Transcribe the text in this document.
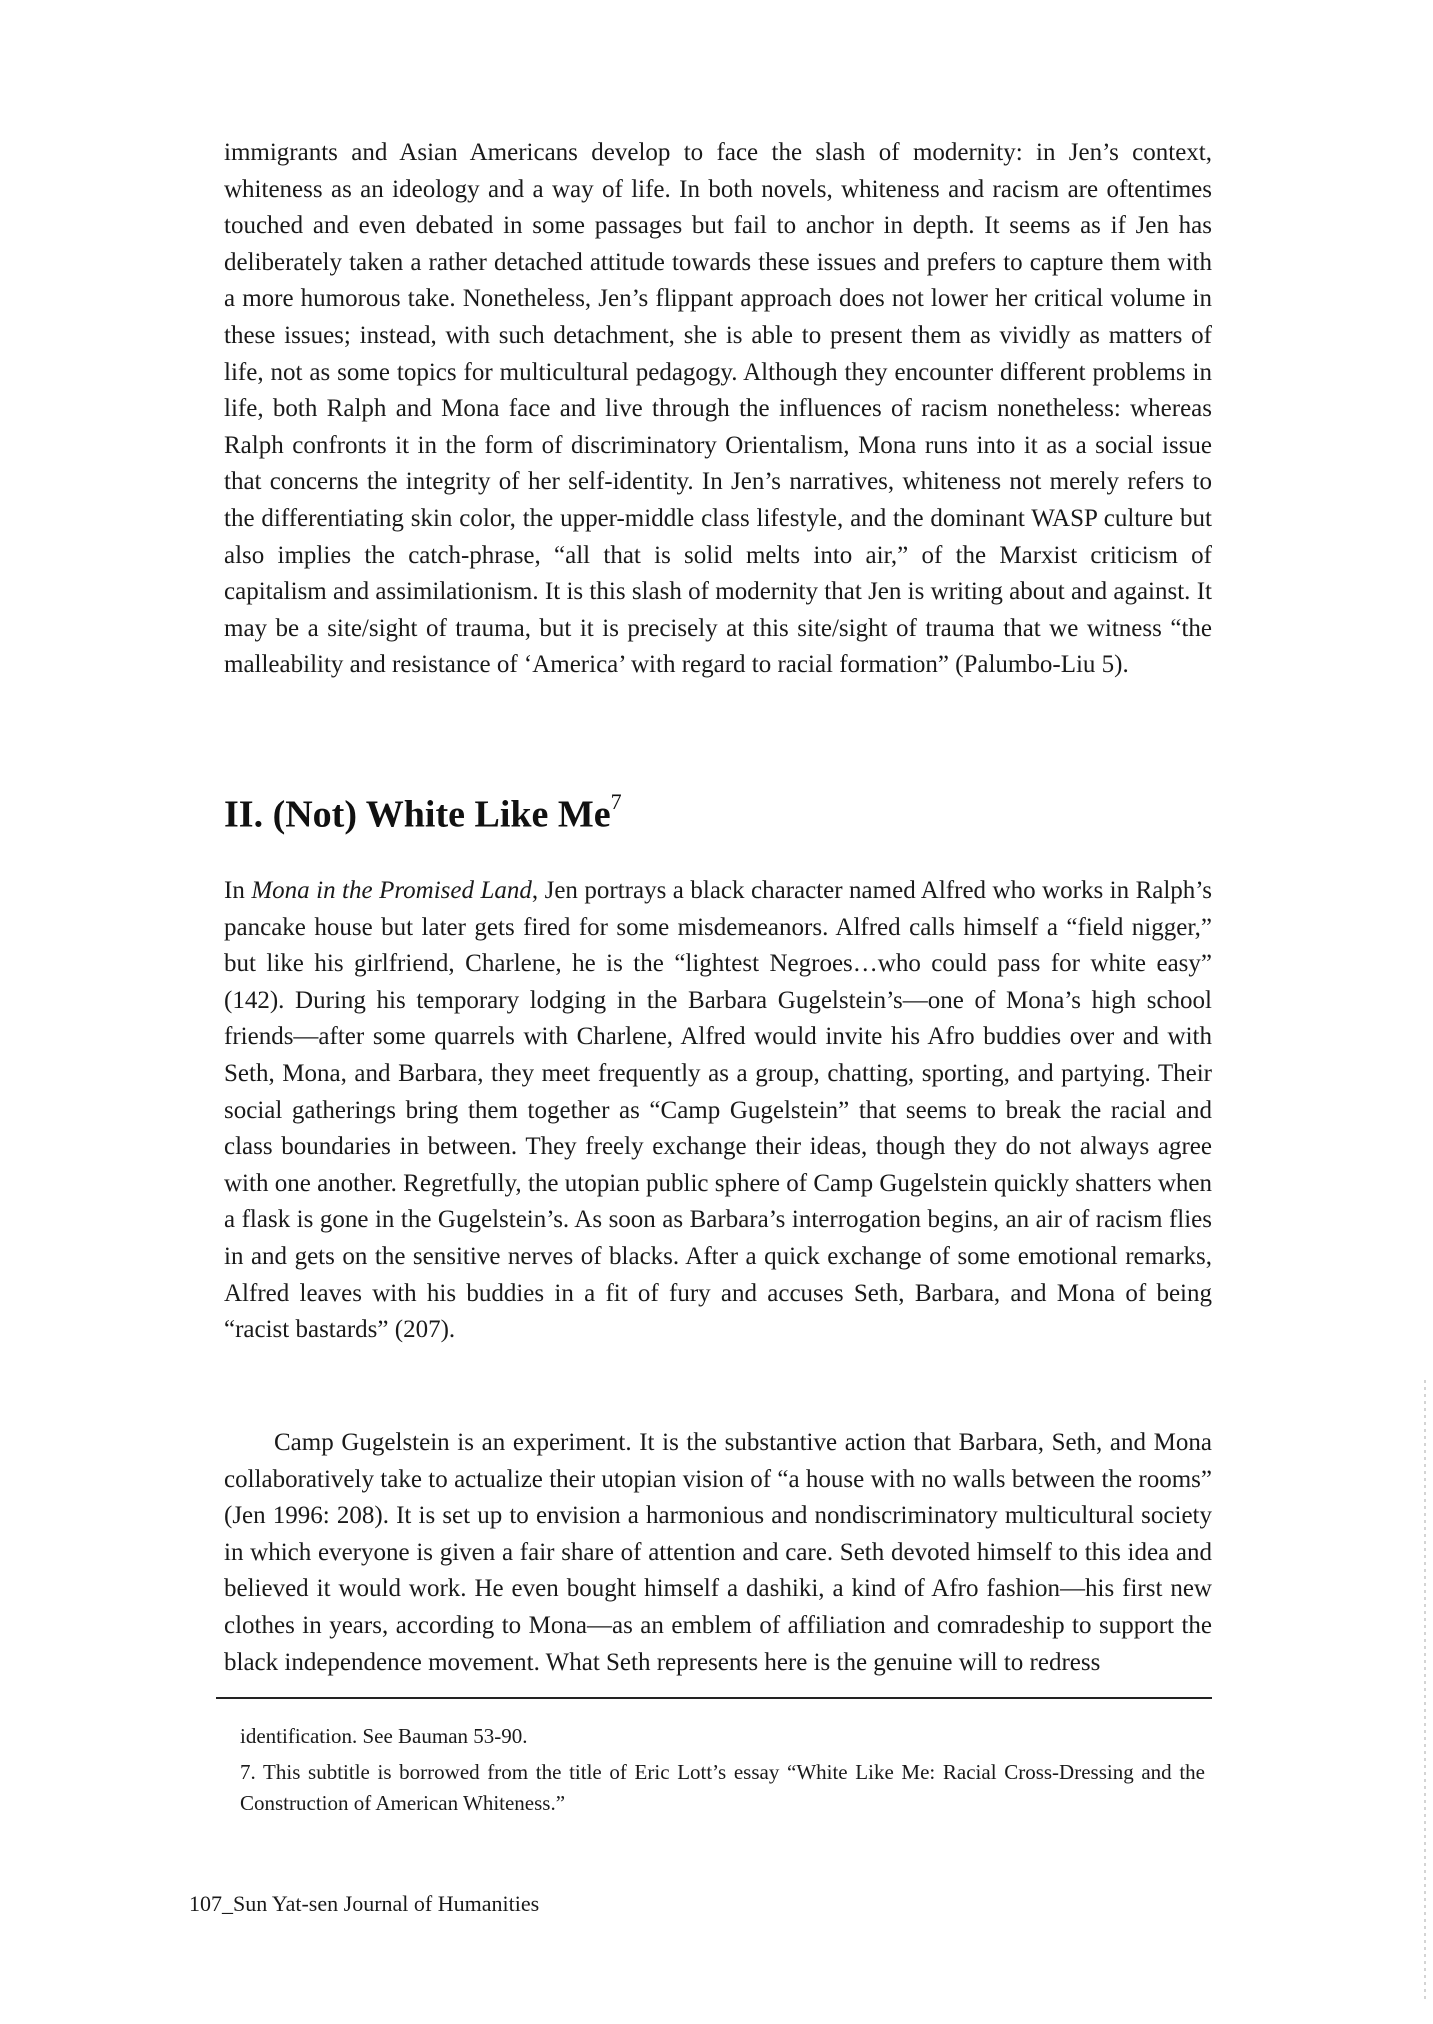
immigrants and Asian Americans develop to face the slash of modernity: in Jen’s context, whiteness as an ideology and a way of life. In both novels, whiteness and racism are oftentimes touched and even debated in some passages but fail to anchor in depth. It seems as if Jen has deliberately taken a rather detached attitude towards these issues and prefers to capture them with a more humorous take. Nonetheless, Jen’s flippant approach does not lower her critical volume in these issues; instead, with such detachment, she is able to present them as vividly as matters of life, not as some topics for multicultural pedagogy. Although they encounter different problems in life, both Ralph and Mona face and live through the influences of racism nonetheless: whereas Ralph confronts it in the form of discriminatory Orientalism, Mona runs into it as a social issue that concerns the integrity of her self-identity. In Jen’s narratives, whiteness not merely refers to the differentiating skin color, the upper-middle class lifestyle, and the dominant WASP culture but also implies the catch-phrase, “all that is solid melts into air,” of the Marxist criticism of capitalism and assimilationism. It is this slash of modernity that Jen is writing about and against. It may be a site/sight of trauma, but it is precisely at this site/sight of trauma that we witness “the malleability and resistance of ‘America’ with regard to racial formation” (Palumbo-Liu 5).

II. (Not) White Like Me$^7$

In Mona in the Promised Land, Jen portrays a black character named Alfred who works in Ralph’s pancake house but later gets fired for some misdemeanors. Alfred calls himself a “field nigger,” but like his girlfriend, Charlene, he is the “lightest Negroes…who could pass for white easy” (142). During his temporary lodging in the Barbara Gugelstein’s—one of Mona’s high school friends—after some quarrels with Charlene, Alfred would invite his Afro buddies over and with Seth, Mona, and Barbara, they meet frequently as a group, chatting, sporting, and partying. Their social gatherings bring them together as “Camp Gugelstein” that seems to break the racial and class boundaries in between. They freely exchange their ideas, though they do not always agree with one another. Regretfully, the utopian public sphere of Camp Gugelstein quickly shatters when a flask is gone in the Gugelstein’s. As soon as Barbara’s interrogation begins, an air of racism flies in and gets on the sensitive nerves of blacks. After a quick exchange of some emotional remarks, Alfred leaves with his buddies in a fit of fury and accuses Seth, Barbara, and Mona of being “racist bastards” (207).

Camp Gugelstein is an experiment. It is the substantive action that Barbara, Seth, and Mona collaboratively take to actualize their utopian vision of “a house with no walls between the rooms” (Jen 1996: 208). It is set up to envision a harmonious and nondiscriminatory multicultural society in which everyone is given a fair share of attention and care. Seth devoted himself to this idea and believed it would work. He even bought himself a dashiki, a kind of Afro fashion—his first new clothes in years, according to Mona—as an emblem of affiliation and comradeship to support the black independence movement. What Seth represents here is the genuine will to redress

identification. See Bauman 53-90.

7. This subtitle is borrowed from the title of Eric Lott’s essay “White Like Me: Racial Cross-Dressing and the Construction of American Whiteness.”

107_Sun Yat-sen Journal of Humanities
